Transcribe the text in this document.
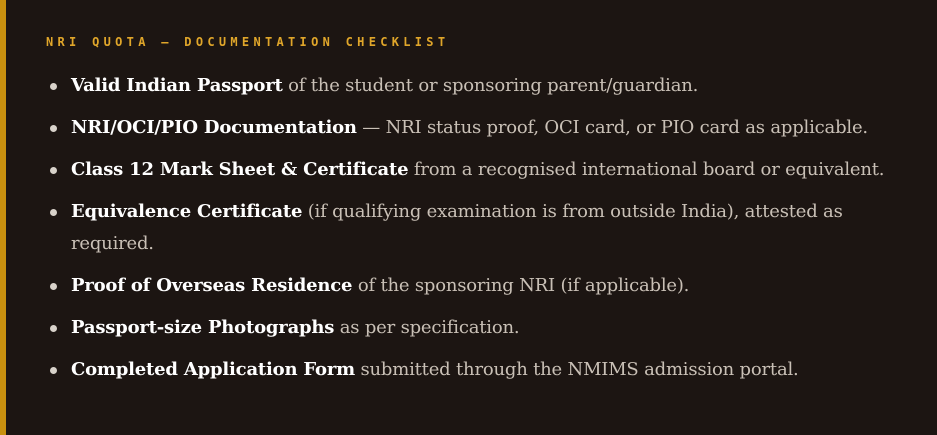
NRI QUOTA — DOCUMENTATION CHECKLIST
Valid Indian Passport of the student or sponsoring parent/guardian.
NRI/OCI/PIO Documentation — NRI status proof, OCI card, or PIO card as applicable.
Class 12 Mark Sheet & Certificate from a recognised international board or equivalent.
Equivalence Certificate (if qualifying examination is from outside India), attested as required.
Proof of Overseas Residence of the sponsoring NRI (if applicable).
Passport-size Photographs as per specification.
Completed Application Form submitted through the NMIMS admission portal.
